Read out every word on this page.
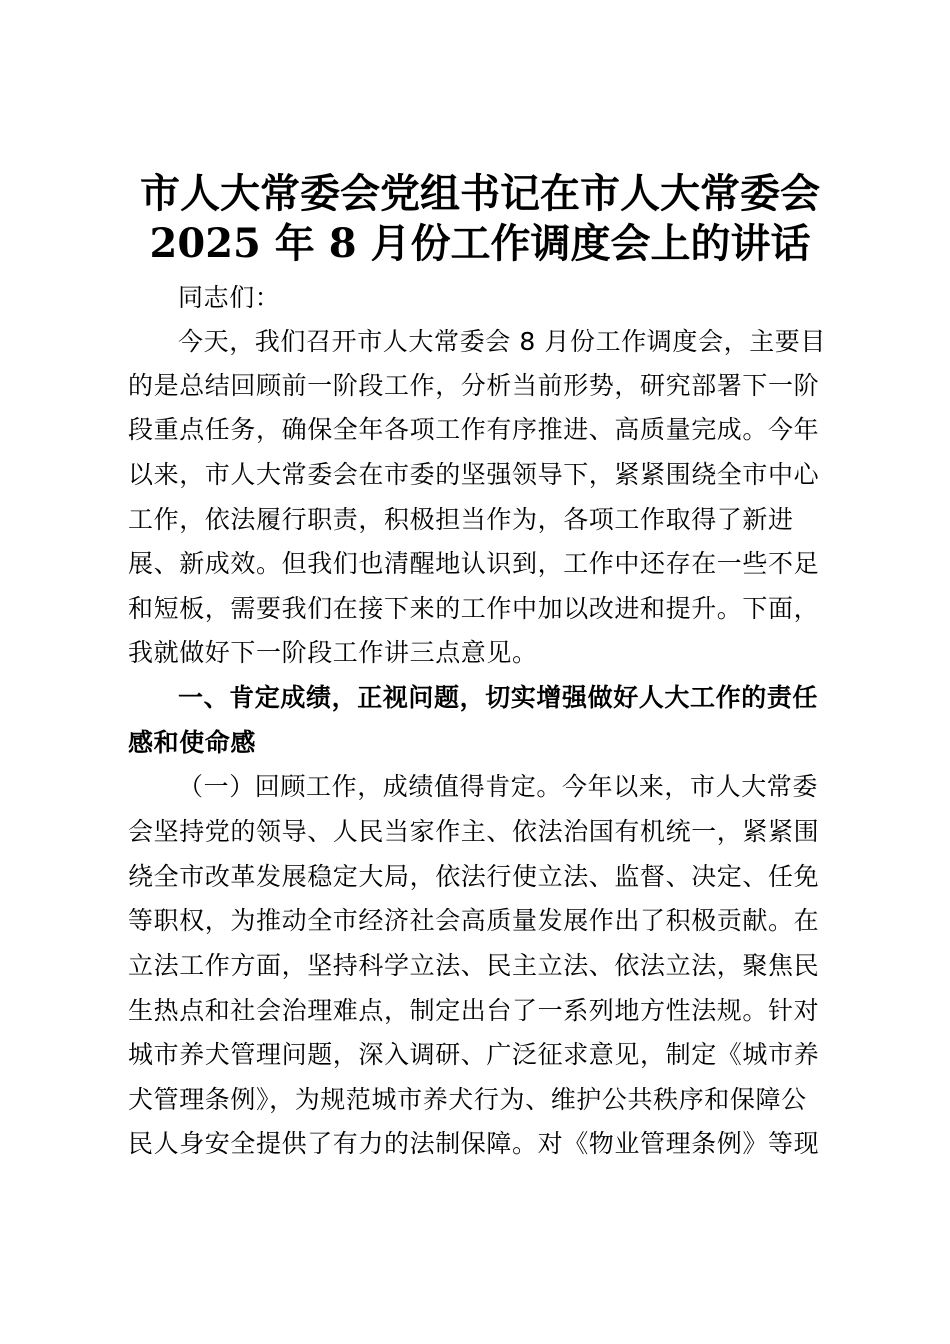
市人大常委会党组书记在市人大常委会
2025 年 8 月份工作调度会上的讲话
同志们：
今天，我们召开市人大常委会 8 月份工作调度会，主要目
的是总结回顾前一阶段工作，分析当前形势，研究部署下一阶
段重点任务，确保全年各项工作有序推进、高质量完成。今年
以来，市人大常委会在市委的坚强领导下，紧紧围绕全市中心
工作，依法履行职责，积极担当作为，各项工作取得了新进
展、新成效。但我们也清醒地认识到，工作中还存在一些不足
和短板，需要我们在接下来的工作中加以改进和提升。下面，
我就做好下一阶段工作讲三点意见。
一、肯定成绩，正视问题，切实增强做好人大工作的责任
感和使命感
（一）回顾工作，成绩值得肯定。今年以来，市人大常委
会坚持党的领导、人民当家作主、依法治国有机统一，紧紧围
绕全市改革发展稳定大局，依法行使立法、监督、决定、任免
等职权，为推动全市经济社会高质量发展作出了积极贡献。在
立法工作方面，坚持科学立法、民主立法、依法立法，聚焦民
生热点和社会治理难点，制定出台了一系列地方性法规。针对
城市养犬管理问题，深入调研、广泛征求意见，制定《城市养
犬管理条例》，为规范城市养犬行为、维护公共秩序和保障公
民人身安全提供了有力的法制保障。对《物业管理条例》等现
